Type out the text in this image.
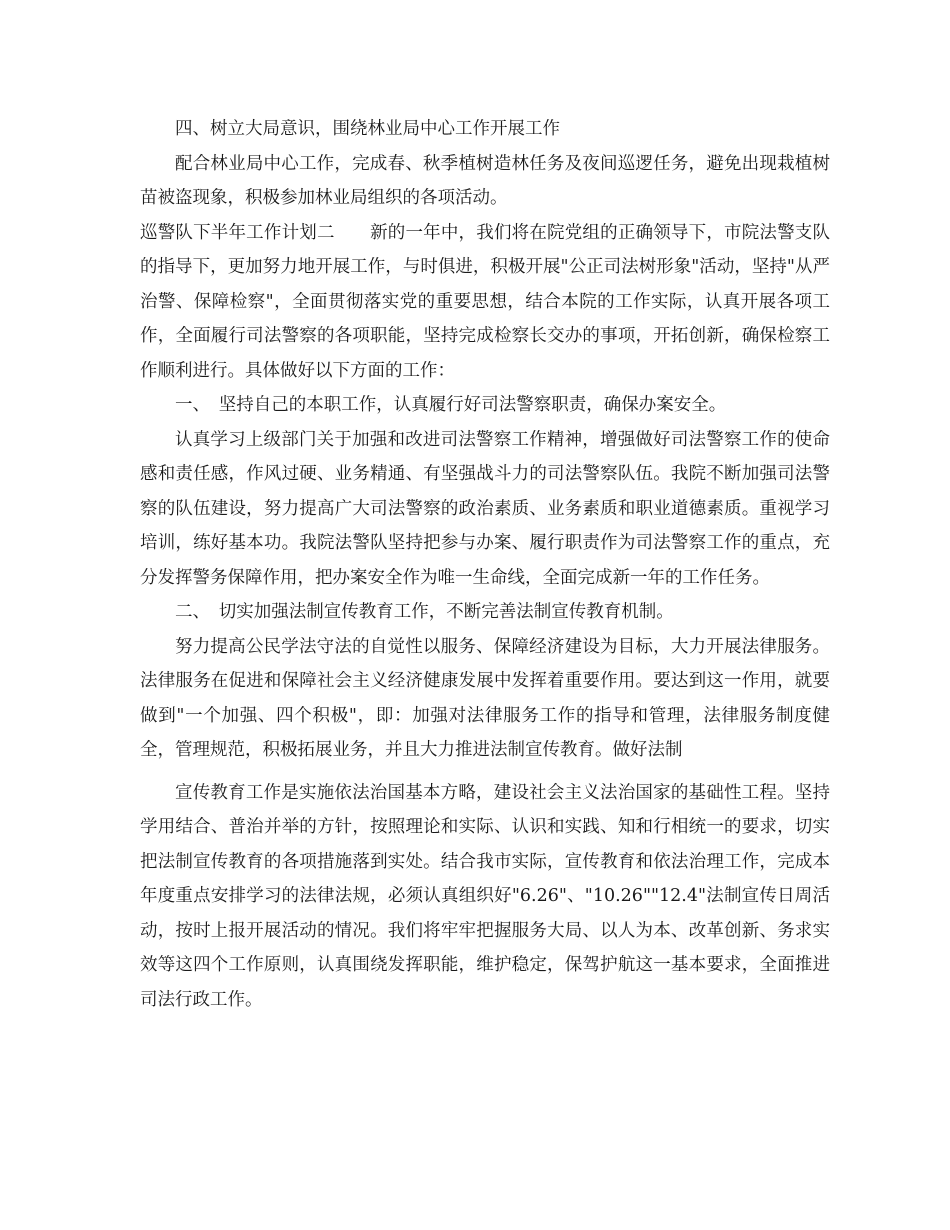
四、树立大局意识，围绕林业局中心工作开展工作

配合林业局中心工作，完成春、秋季植树造林任务及夜间巡逻任务，避免出现栽植树苗被盗现象，积极参加林业局组织的各项活动。

巡警队下半年工作计划二　　新的一年中，我们将在院党组的正确领导下，市院法警支队的指导下，更加努力地开展工作，与时俱进，积极开展"公正司法树形象"活动，坚持"从严治警、保障检察"，全面贯彻落实党的重要思想，结合本院的工作实际，认真开展各项工作，全面履行司法警察的各项职能，坚持完成检察长交办的事项，开拓创新，确保检察工作顺利进行。具体做好以下方面的工作：

一、　坚持自己的本职工作，认真履行好司法警察职责，确保办案安全。

认真学习上级部门关于加强和改进司法警察工作精神，增强做好司法警察工作的使命感和责任感，作风过硬、业务精通、有坚强战斗力的司法警察队伍。我院不断加强司法警察的队伍建设，努力提高广大司法警察的政治素质、业务素质和职业道德素质。重视学习培训，练好基本功。我院法警队坚持把参与办案、履行职责作为司法警察工作的重点，充分发挥警务保障作用，把办案安全作为唯一生命线，全面完成新一年的工作任务。

二、　切实加强法制宣传教育工作，不断完善法制宣传教育机制。

努力提高公民学法守法的自觉性以服务、保障经济建设为目标，大力开展法律服务。法律服务在促进和保障社会主义经济健康发展中发挥着重要作用。要达到这一作用，就要做到"一个加强、四个积极"，即：加强对法律服务工作的指导和管理，法律服务制度健全，管理规范，积极拓展业务，并且大力推进法制宣传教育。做好法制

宣传教育工作是实施依法治国基本方略，建设社会主义法治国家的基础性工程。坚持学用结合、普治并举的方针，按照理论和实际、认识和实践、知和行相统一的要求，切实把法制宣传教育的各项措施落到实处。结合我市实际，宣传教育和依法治理工作，完成本年度重点安排学习的法律法规，必须认真组织好"6.26"、"10.26""12.4"法制宣传日周活动，按时上报开展活动的情况。我们将牢牢把握服务大局、以人为本、改革创新、务求实效等这四个工作原则，认真围绕发挥职能，维护稳定，保驾护航这一基本要求，全面推进司法行政工作。
